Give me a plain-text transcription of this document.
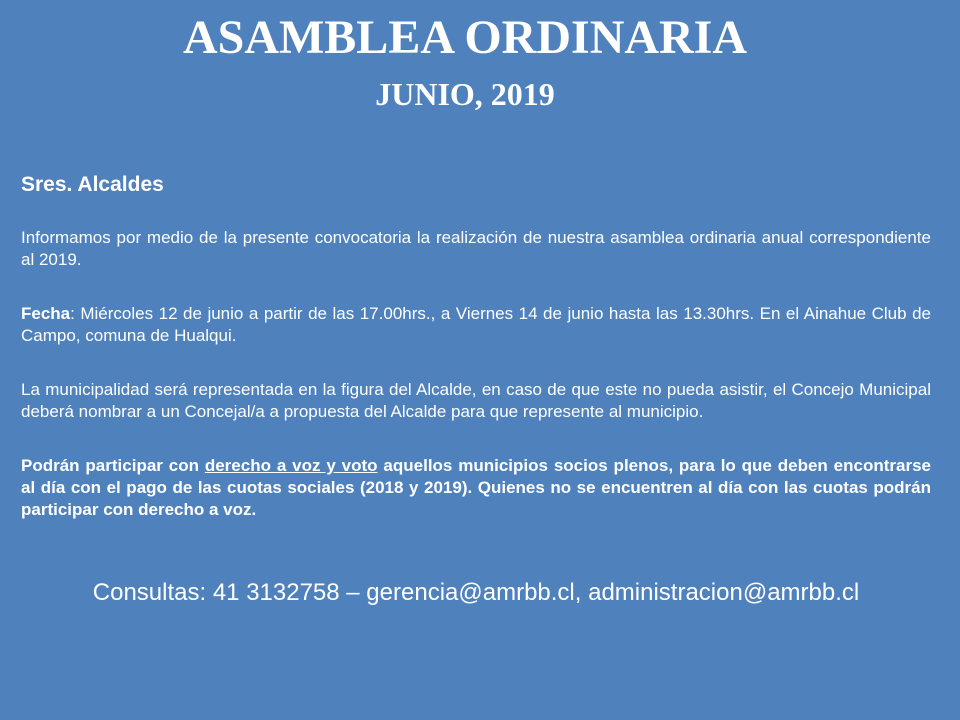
ASAMBLEA ORDINARIA
JUNIO, 2019

Sres. Alcaldes

Informamos por medio de la presente convocatoria la realización de nuestra asamblea ordinaria anual correspondiente al 2019.

Fecha: Miércoles 12 de junio a partir de las 17.00hrs., a Viernes 14 de junio hasta las 13.30hrs. En el Ainahue Club de Campo, comuna de Hualqui.

La municipalidad será representada en la figura del Alcalde, en caso de que este no pueda asistir, el Concejo Municipal deberá nombrar a un Concejal/a a propuesta del Alcalde para que represente al municipio.

Podrán participar con derecho a voz y voto aquellos municipios socios plenos, para lo que deben encontrarse al día con el pago de las cuotas sociales (2018 y 2019). Quienes no se encuentren al día con las cuotas podrán participar con derecho a voz.

Consultas: 41 3132758 – gerencia@amrbb.cl, administracion@amrbb.cl
